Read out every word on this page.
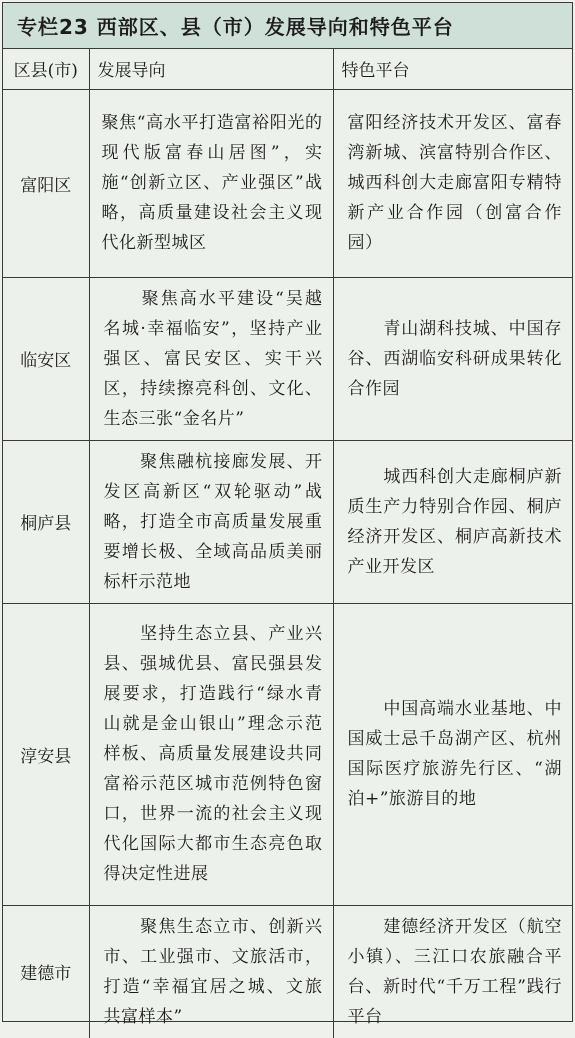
专栏23 西部区、县（市）发展导向和特色平台
区县(市)	发展导向	特色平台
富阳区	聚焦“高水平打造富裕阳光的现代版富春山居图”，实施“创新立区、产业强区”战略，高质量建设社会主义现代化新型城区	富阳经济技术开发区、富春湾新城、滨富特别合作区、城西科创大走廊富阳专精特新产业合作园（创富合作园）
临安区	　　聚焦高水平建设“吴越名城·幸福临安”，坚持产业强区、富民安区、实干兴区，持续擦亮科创、文化、生态三张“金名片”	　　青山湖科技城、中国存谷、西湖临安科研成果转化合作园
桐庐县	　　聚焦融杭接廊发展、开发区高新区“双轮驱动”战略，打造全市高质量发展重要增长极、全域高品质美丽标杆示范地	　　城西科创大走廊桐庐新质生产力特别合作园、桐庐经济开发区、桐庐高新技术产业开发区
淳安县	　　坚持生态立县、产业兴县、强城优县、富民强县发展要求，打造践行“绿水青山就是金山银山”理念示范样板、高质量发展建设共同富裕示范区城市范例特色窗口，世界一流的社会主义现代化国际大都市生态亮色取得决定性进展	　　中国高端水业基地、中国威士忌千岛湖产区、杭州国际医疗旅游先行区、“湖泊+”旅游目的地
建德市	　　聚焦生态立市、创新兴市、工业强市、文旅活市，打造“幸福宜居之城、文旅共富样本”	　　建德经济开发区（航空小镇）、三江口农旅融合平台、新时代“千万工程”践行平台
